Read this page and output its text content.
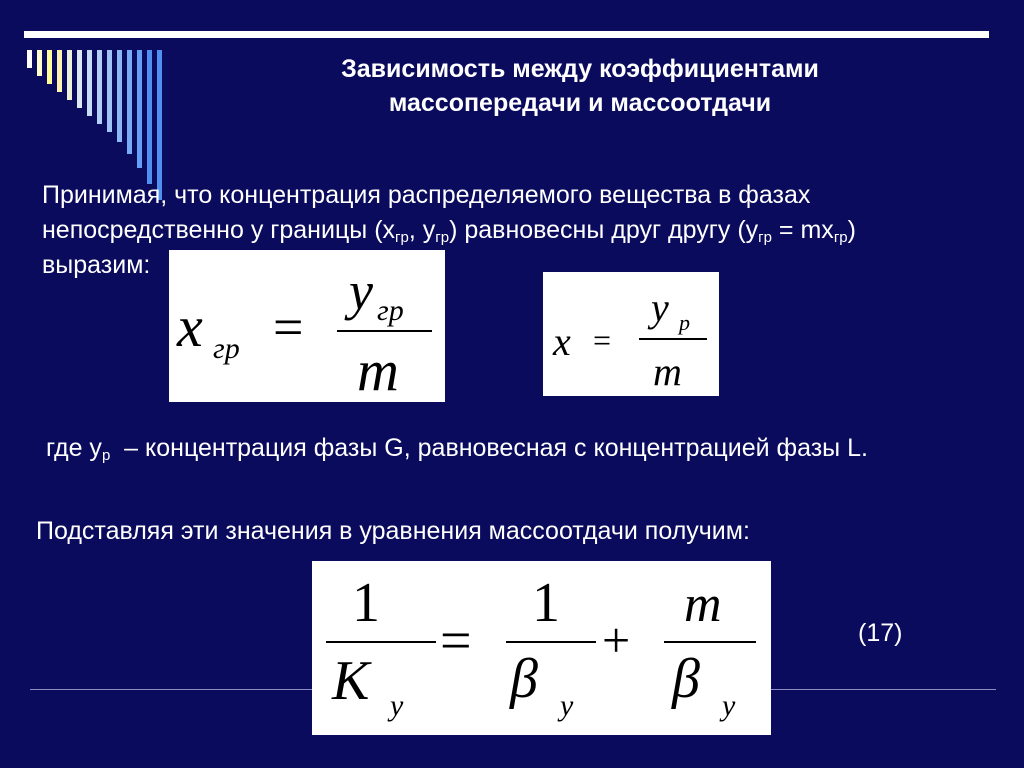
Зависимость между коэффициентами
массопередачи и массоотдачи
Принимая, что концентрация распределяемого вещества в фазах
непосредственно у границы ($x_{гр}$, $y_{гр}$) равновесны друг другу $(y_{гр} = mx_{гр})$
выразим:
x гр =
y гр
m	x =
y р
m
где $y_р$  – концентрация фазы G, равновесная с концентрацией фазы L.
Подставляя эти значения в уравнения массоотдачи получим:
1
K y
=
1
β y
+
m
β y
(17)
